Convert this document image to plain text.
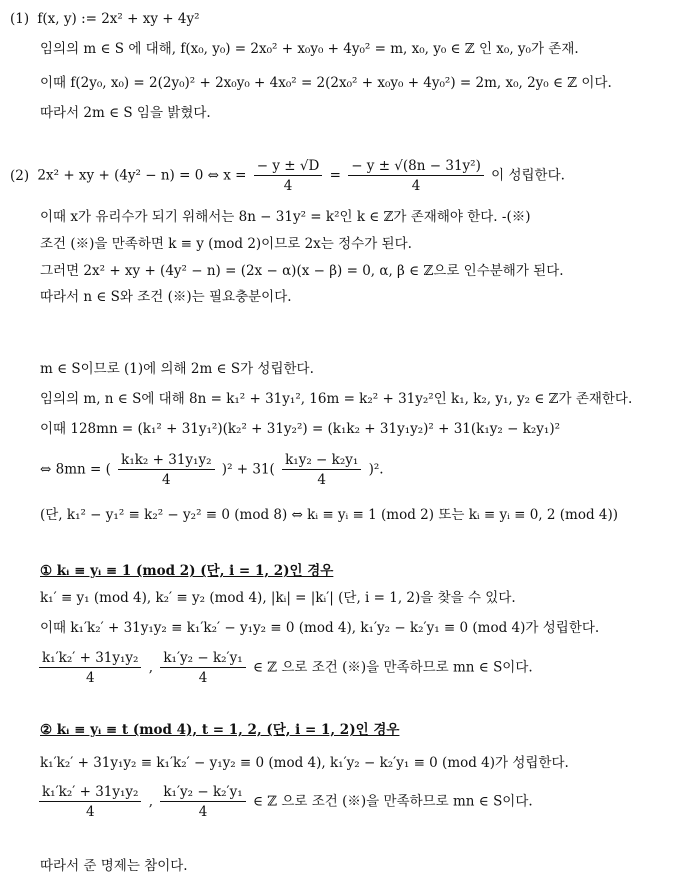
(1) f(x, y) := 2x² + xy + 4y²
임의의 m ∈ S 에 대해, f(x₀, y₀) = 2x₀² + x₀y₀ + 4y₀² = m, x₀, y₀ ∈ ℤ 인 x₀, y₀가 존재.
이때 f(2y₀, x₀) = 2(2y₀)² + 2x₀y₀ + 4x₀² = 2(2x₀² + x₀y₀ + 4y₀²) = 2m, x₀, 2y₀ ∈ ℤ 이다.
따라서 2m ∈ S 임을 밝혔다.
(2) 2x² + xy + (4y² − n) = 0 ⇔ $x = \frac{- y \pm √D}{4} = \frac{\text{− y ± √(8n − 31y²)}}{4}$ 이 성립한다.
이때 x가 유리수가 되기 위해서는 8n − 31y² = k²인 k ∈ ℤ가 존재해야 한다. -(※)
조건 (※)을 만족하면 k ≡ y (mod 2)이므로 2x는 정수가 된다.
그러면 2x² + xy + (4y² − n) = (2x − α)(x − β) = 0, α, β ∈ ℤ으로 인수분해가 된다.
따라서 n ∈ S와 조건 (※)는 필요충분이다.
m ∈ S이므로 (1)에 의해 2m ∈ S가 성립한다.
임의의 m, n ∈ S에 대해 8n = k₁² + 31y₁², 16m = k₂² + 31y₂²인 k₁, k₂, y₁, y₂ ∈ ℤ가 존재한다.
이때 128mn = (k₁² + 31y₁²)(k₂² + 31y₂²) = (k₁k₂ + 31y₁y₂)² + 31(k₁y₂ − k₂y₁)²
⇔ 8mn = ( $\frac{\text{k₁k₂ + 31y₁y₂}}{4} )^2 + 31( \frac{\text{k₁y₂ − k₂y₁}}{4} )^2$.
(단, k₁² − y₁² ≡ k₂² − y₂² ≡ 0 (mod 8) ⇔ kᵢ ≡ yᵢ ≡ 1 (mod 2) 또는 kᵢ ≡ yᵢ ≡ 0, 2 (mod 4))
① kᵢ ≡ yᵢ ≡ 1 (mod 2) (단, i = 1, 2)인 경우
k₁′ ≡ y₁ (mod 4), k₂′ ≡ y₂ (mod 4), |kᵢ| = |kᵢ′| (단, i = 1, 2)을 찾을 수 있다.
이때 k₁′k₂′ + 31y₁y₂ ≡ k₁′k₂′ − y₁y₂ ≡ 0 (mod 4), k₁′y₂ − k₂′y₁ ≡ 0 (mod 4)가 성립한다.
$\frac{\text{k₁′k₂′ + 31y₁y₂}}{4}$ , $\frac{\text{k₁′y₂ − k₂′y₁}}{4}$ ∈ ℤ 으로 조건 (※)을 만족하므로 mn ∈ S이다.
② kᵢ ≡ yᵢ ≡ t (mod 4), t = 1, 2, (단, i = 1, 2)인 경우
k₁′k₂′ + 31y₁y₂ ≡ k₁′k₂′ − y₁y₂ ≡ 0 (mod 4), k₁′y₂ − k₂′y₁ ≡ 0 (mod 4)가 성립한다.
$\frac{\text{k₁′k₂′ + 31y₁y₂}}{4}$ , $\frac{\text{k₁′y₂ − k₂′y₁}}{4}$ ∈ ℤ 으로 조건 (※)을 만족하므로 mn ∈ S이다.
따라서 준 명제는 참이다.
